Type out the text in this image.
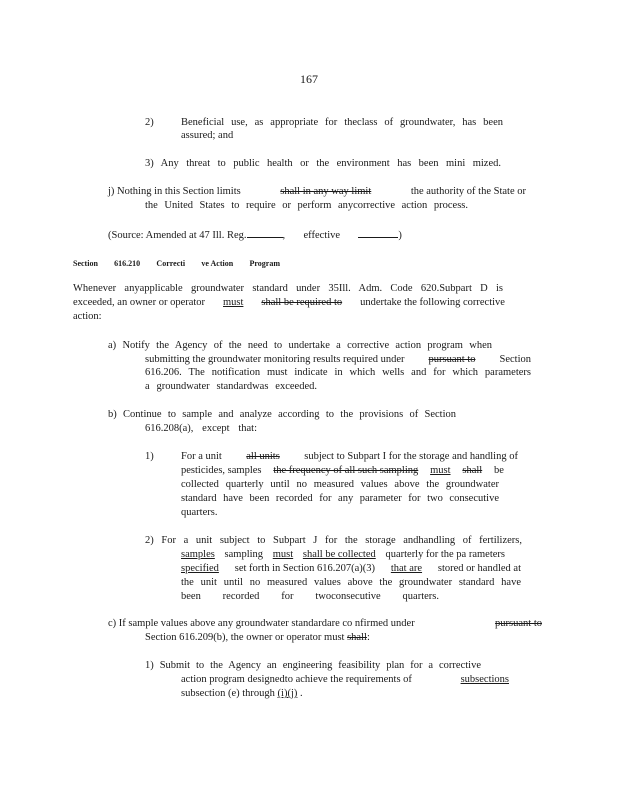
167
2)	Beneficial use, as appropriate for theclass of groundwater, has been
assured; and
3) Any threat to public health or the environment has been mini mized.
j) Nothing in this Section limits	shall in any way limit	the authority of the State or
the United States to require or perform anycorrective action process.
(Source: Amended at 47 Ill. Reg.	, effective	)
Section 616.210 Correcti ve Action Program
Whenever anyapplicable groundwater standard under 35Ill. Adm. Code 620.Subpart D is
exceeded, an owner or operator must shall be required to undertake the following corrective
action:
a) Notify the Agency of the need to undertake a corrective action program when
submitting the groundwater monitoring results required under pursuant to Section
616.206. The notification must indicate in which wells and for which parameters
a groundwater standardwas exceeded.
b) Continue to sample and analyze according to the provisions of Section
616.208(a), except that:
1)	For a unit all units subject to Subpart I for the storage and handling of
pesticides, samples the frequency of all such sampling must shall be
collected quarterly until no measured values above the groundwater
standard have been recorded for any parameter for two consecutive
quarters.
2) For a unit subject to Subpart J for the storage andhandling of fertilizers,
samples sampling must shall be collected quarterly for the pa rameters
specified set forth in Section 616.207(a)(3) that are stored or handled at
the unit until no measured values above the groundwater standard have
been recorded for twoconsecutive quarters.
c) If sample values above any groundwater standardare co nfirmed under	pursuant to
Section 616.209(b), the owner or operator must shall:
1) Submit to the Agency an engineering feasibility plan for a corrective
action program designedto achieve the requirements of	subsections
subsection (e) through (i)(j) .
